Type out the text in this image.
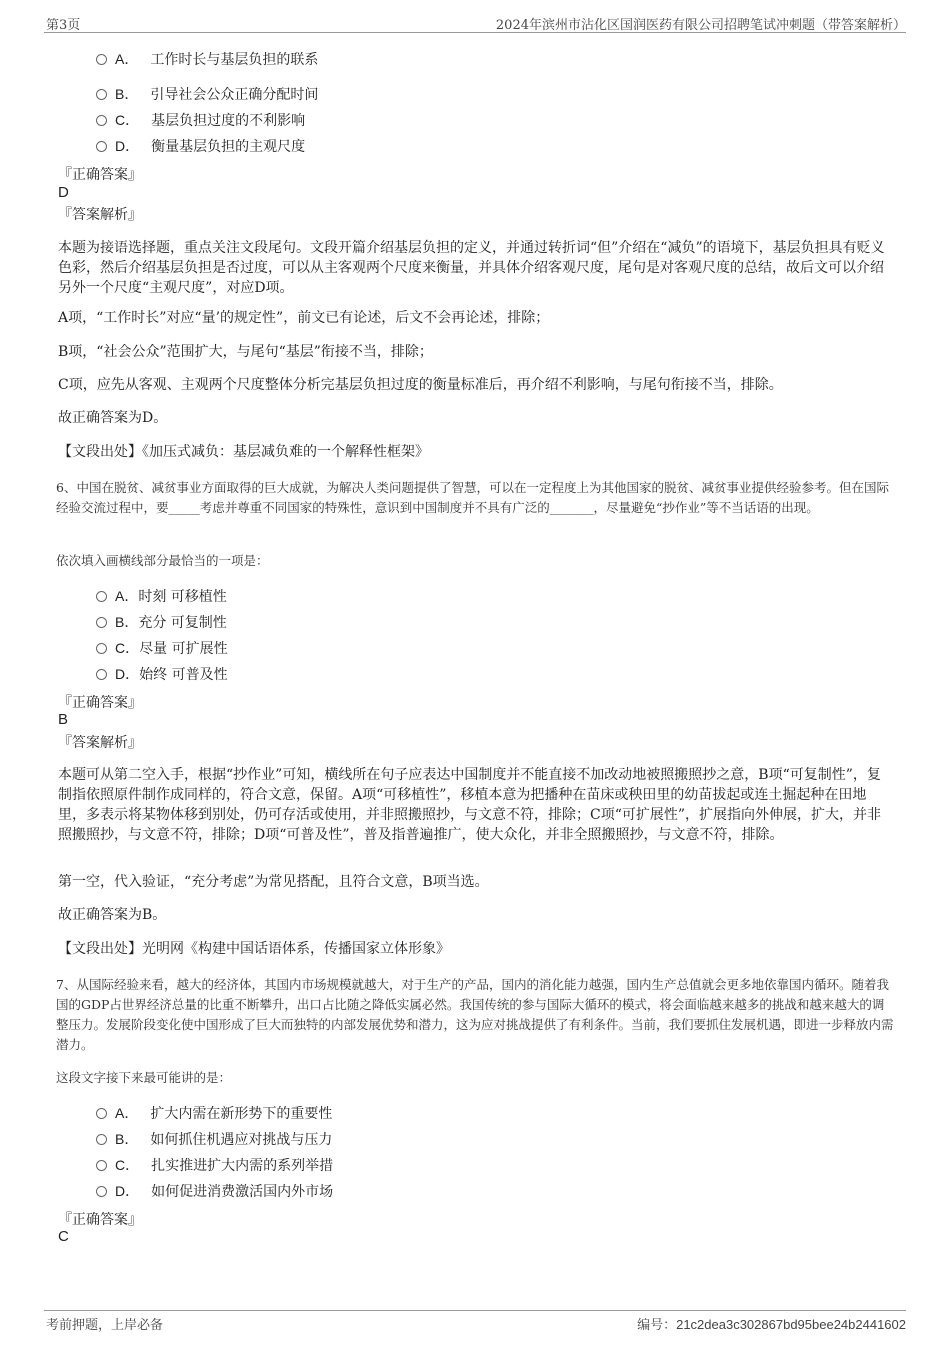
第3页	2024年滨州市沾化区国润医药有限公司招聘笔试冲刺题（带答案解析）
A． 工作时长与基层负担的联系
B． 引导社会公众正确分配时间
C． 基层负担过度的不利影响
D． 衡量基层负担的主观尺度
『正确答案』
D
『答案解析』
本题为接语选择题，重点关注文段尾句。文段开篇介绍基层负担的定义，并通过转折词“但”介绍在“减负”的语境下，基层负担具有贬义色彩，然后介绍基层负担是否过度，可以从主客观两个尺度来衡量，并具体介绍客观尺度，尾句是对客观尺度的总结，故后文可以介绍另外一个尺度“主观尺度”，对应D项。
A项，“工作时长”对应“量’的规定性”，前文已有论述，后文不会再论述，排除；
B项，“社会公众”范围扩大，与尾句“基层”衔接不当，排除；
C项，应先从客观、主观两个尺度整体分析完基层负担过度的衡量标准后，再介绍不利影响，与尾句衔接不当，排除。
故正确答案为D。
【文段出处】《加压式减负：基层减负难的一个解释性框架》
6、中国在脱贫、减贫事业方面取得的巨大成就，为解决人类问题提供了智慧，可以在一定程度上为其他国家的脱贫、减贫事业提供经验参考。但在国际经验交流过程中，要_____考虑并尊重不同国家的特殊性，意识到中国制度并不具有广泛的_______，尽量避免“抄作业”等不当话语的出现。
依次填入画横线部分最恰当的一项是：
A．时刻 可移植性
B．充分 可复制性
C．尽量 可扩展性
D．始终 可普及性
『正确答案』
B
『答案解析』
本题可从第二空入手，根据“抄作业”可知，横线所在句子应表达中国制度并不能直接不加改动地被照搬照抄之意，B项“可复制性”，复制指依照原件制作成同样的，符合文意，保留。A项“可移植性”，移植本意为把播种在苗床或秧田里的幼苗拔起或连土掘起种在田地里，多表示将某物体移到别处，仍可存活或使用，并非照搬照抄，与文意不符，排除；C项“可扩展性”，扩展指向外伸展，扩大，并非照搬照抄，与文意不符，排除；D项“可普及性”，普及指普遍推广，使大众化，并非全照搬照抄，与文意不符，排除。
第一空，代入验证，“充分考虑”为常见搭配，且符合文意，B项当选。
故正确答案为B。
【文段出处】光明网《构建中国话语体系，传播国家立体形象》
7、从国际经验来看，越大的经济体，其国内市场规模就越大，对于生产的产品，国内的消化能力越强，国内生产总值就会更多地依靠国内循环。随着我国的GDP占世界经济总量的比重不断攀升，出口占比随之降低实属必然。我国传统的参与国际大循环的模式，将会面临越来越多的挑战和越来越大的调整压力。发展阶段变化使中国形成了巨大而独特的内部发展优势和潜力，这为应对挑战提供了有利条件。当前，我们要抓住发展机遇，即进一步释放内需潜力。
这段文字接下来最可能讲的是：
A． 扩大内需在新形势下的重要性
B． 如何抓住机遇应对挑战与压力
C． 扎实推进扩大内需的系列举措
D． 如何促进消费激活国内外市场
『正确答案』
C
考前押题，上岸必备	编号：21c2dea3c302867bd95bee24b2441602
